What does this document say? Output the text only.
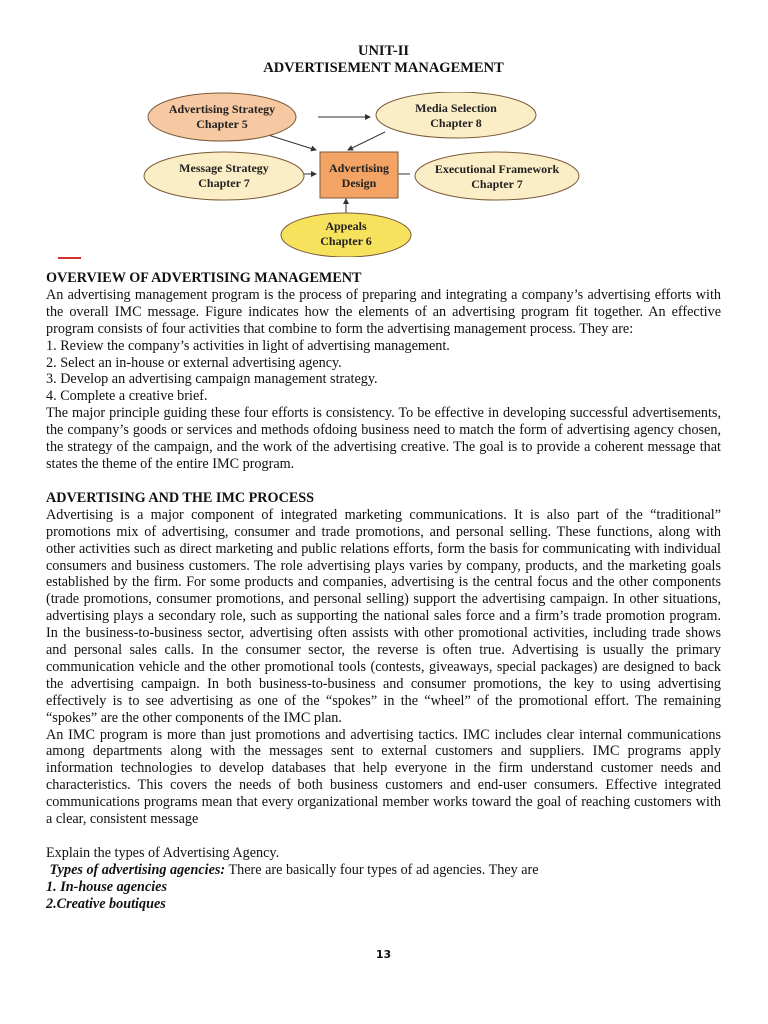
UNIT-II
ADVERTISEMENT MANAGEMENT
Advertising Strategy
Chapter 5
Media Selection
Chapter 8
Message Strategy
Chapter 7
Executional Framework
Chapter 7
Advertising
Design
Appeals
Chapter 6
OVERVIEW OF ADVERTISING MANAGEMENT

An advertising management program is the process of preparing and integrating a company’s advertising efforts with the overall IMC message. Figure indicates how the elements of an advertising program fit together. An effective program consists of four activities that combine to form the advertising management process. They are:

1. Review the company’s activities in light of advertising management.

2. Select an in-house or external advertising agency.

3. Develop an advertising campaign management strategy.

4. Complete a creative brief.

The major principle guiding these four efforts is consistency. To be effective in developing successful advertisements, the company’s goods or services and methods ofdoing business need to match the form of advertising agency chosen, the strategy of the campaign, and the work of the advertising creative. The goal is to provide a coherent message that states the theme of the entire IMC program.

ADVERTISING AND THE IMC PROCESS

Advertising is a major component of integrated marketing communications. It is also part of the “traditional” promotions mix of advertising, consumer and trade promotions, and personal selling. These functions, along with other activities such as direct marketing and public relations efforts, form the basis for communicating with individual consumers and business customers. The role advertising plays varies by company, products, and the marketing goals established by the firm. For some products and companies, advertising is the central focus and the other components (trade promotions, consumer promotions, and personal selling) support the advertising campaign. In other situations, advertising plays a secondary role, such as supporting the national sales force and a firm’s trade promotion program. In the business-to-business sector, advertising often assists with other promotional activities, including trade shows and personal sales calls. In the consumer sector, the reverse is often true. Advertising is usually the primary communication vehicle and the other promotional tools (contests, giveaways, special packages) are designed to back the advertising campaign. In both business-to-business and consumer promotions, the key to using advertising effectively is to see advertising as one of the “spokes” in the “wheel” of the promotional effort. The remaining “spokes” are the other components of the IMC plan.

An IMC program is more than just promotions and advertising tactics. IMC includes clear internal communications among departments along with the messages sent to external customers and suppliers. IMC programs apply information technologies to develop databases that help everyone in the firm understand customer needs and characteristics. This covers the needs of both business customers and end-user consumers. Effective integrated communications programs mean that every organizational member works toward the goal of reaching customers with a clear, consistent message

Explain the types of Advertising Agency.

Types of advertising agencies: There are basically four types of ad agencies. They are

1. In-house agencies

2.Creative boutiques

13
